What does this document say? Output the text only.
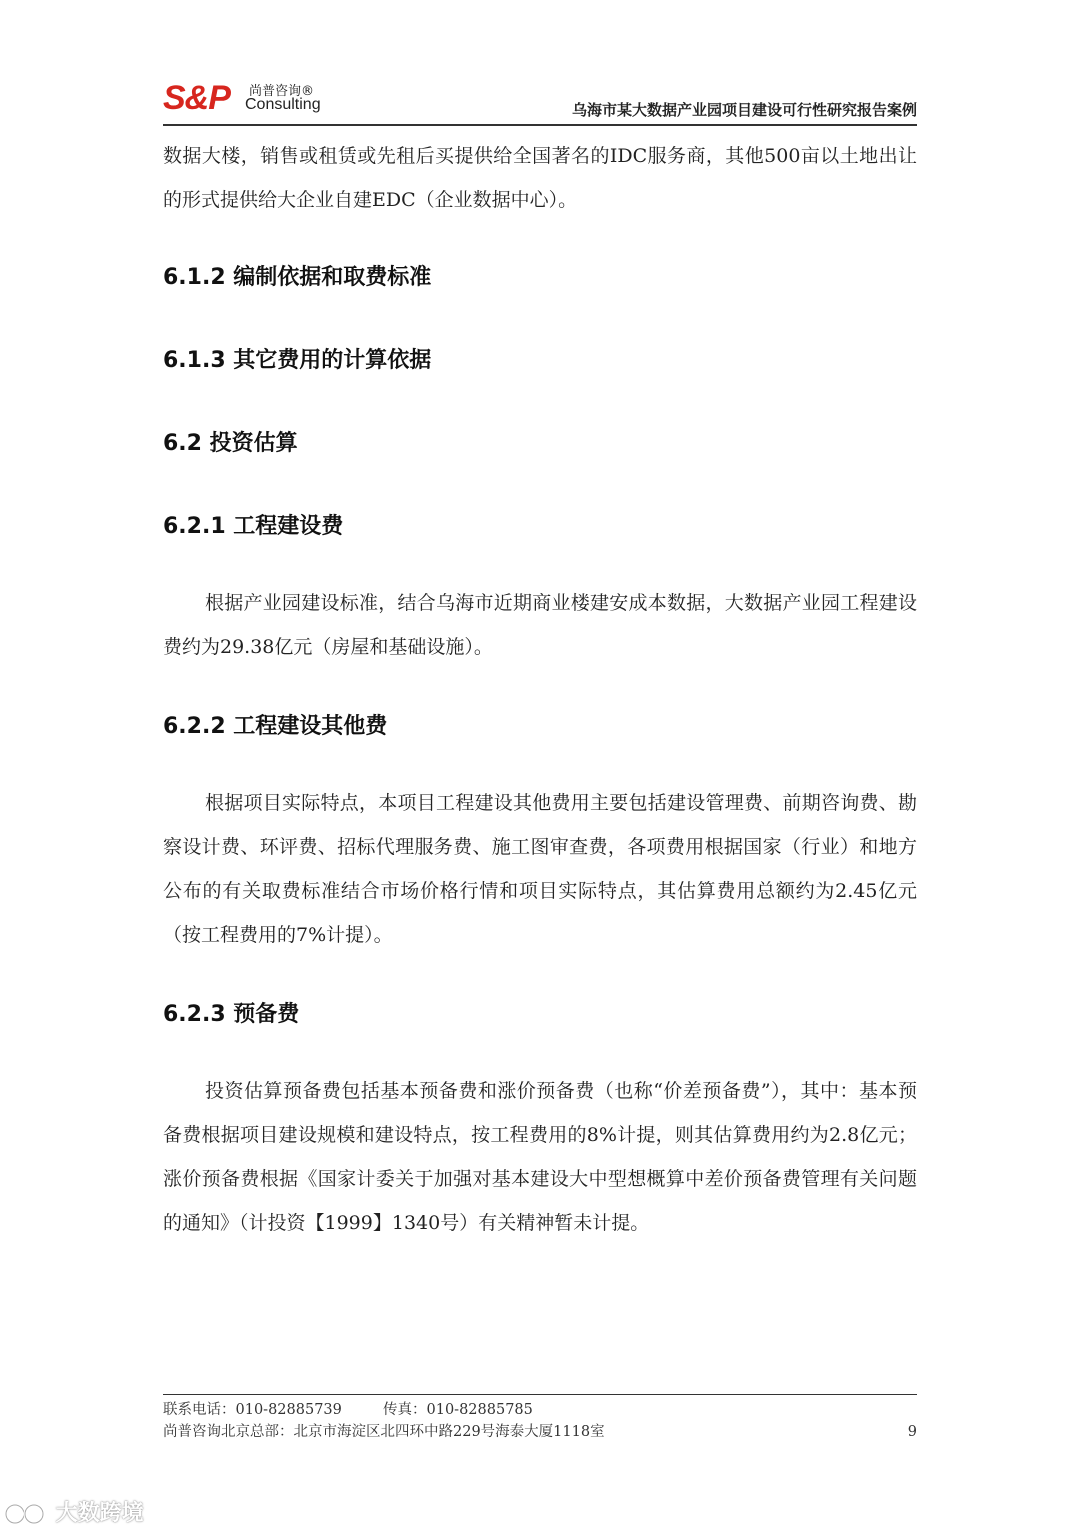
S&P 尚普咨询®
Consulting	乌海市某大数据产业园项目建设可行性研究报告案例

数据大楼，销售或租赁或先租后买提供给全国著名的IDC服务商，其他500亩以土地出让的形式提供给大企业自建EDC（企业数据中心）。

6.1.2 编制依据和取费标准
6.1.3 其它费用的计算依据
6.2 投资估算
6.2.1 工程建设费

根据产业园建设标准，结合乌海市近期商业楼建安成本数据，大数据产业园工程建设费约为29.38亿元（房屋和基础设施）。

6.2.2 工程建设其他费

根据项目实际特点，本项目工程建设其他费用主要包括建设管理费、前期咨询费、勘察设计费、环评费、招标代理服务费、施工图审查费，各项费用根据国家（行业）和地方公布的有关取费标准结合市场价格行情和项目实际特点，其估算费用总额约为2.45亿元（按工程费用的7%计提）。

6.2.3 预备费

投资估算预备费包括基本预备费和涨价预备费（也称“价差预备费”），其中：基本预备费根据项目建设规模和建设特点，按工程费用的8%计提，则其估算费用约为2.8亿元；涨价预备费根据《国家计委关于加强对基本建设大中型想概算中差价预备费管理有关问题的通知》（计投资【1999】1340号）有关精神暂未计提。

联系电话：010-82885739	传真：010-82885785
尚普咨询北京总部：北京市海淀区北四环中路229号海泰大厦1118室	9
大数跨境
